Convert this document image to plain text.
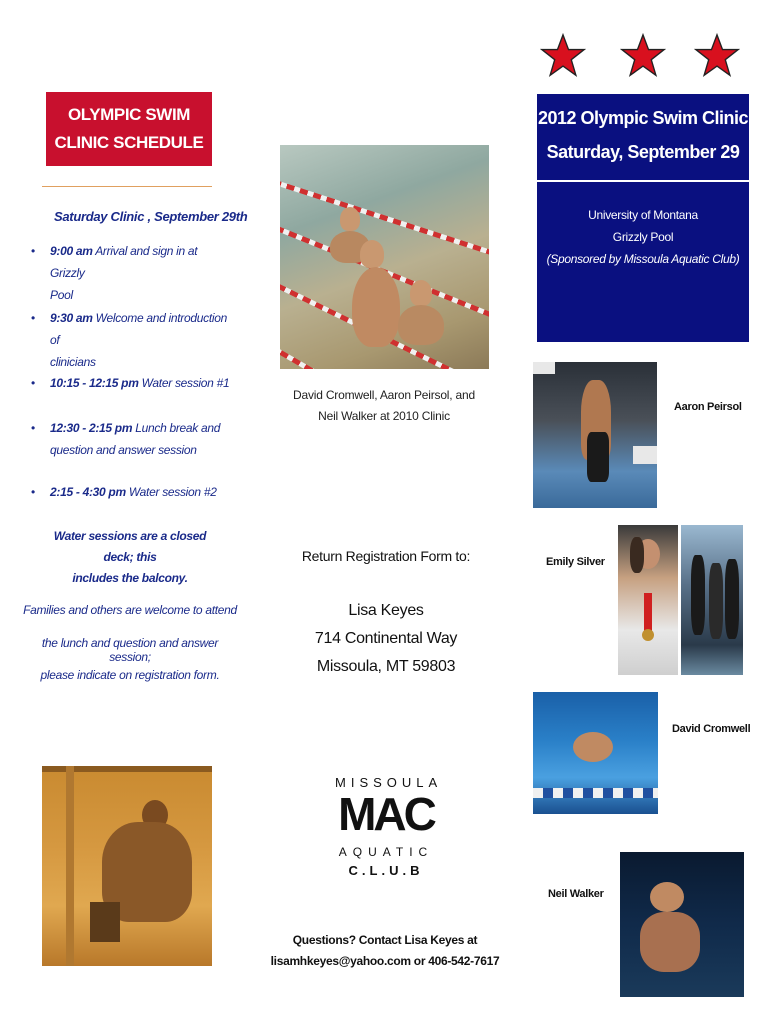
OLYMPIC SWIM
CLINIC SCHEDULE
Saturday Clinic , September 29th
• 9:00 am Arrival and sign in at Grizzly
Pool
• 9:30 am Welcome and introduction of
clinicians
• 10:15 - 12:15 pm Water session #1
• 12:30 - 2:15 pm Lunch break and
question and answer session
• 2:15 - 4:30 pm Water session #2
Water sessions are a closed deck; this
includes the balcony.
Families and others are welcome to attend
the lunch and question and answer session;
please indicate on registration form.
David Cromwell, Aaron Peirsol, and
Neil Walker at 2010 Clinic
2012 Olympic Swim Clinic
Saturday, September 29
University of Montana
Grizzly Pool
(Sponsored by Missoula Aquatic Club)
Aaron Peirsol
Emily Silver
David Cromwell
Neil Walker
Return Registration Form to:
Lisa Keyes
714 Continental Way
Missoula, MT 59803
MISSOULA
MAC
AQUATIC
C.L.U.B
Questions? Contact Lisa Keyes at
lisamhkeyes@yahoo.com or 406-542-7617
